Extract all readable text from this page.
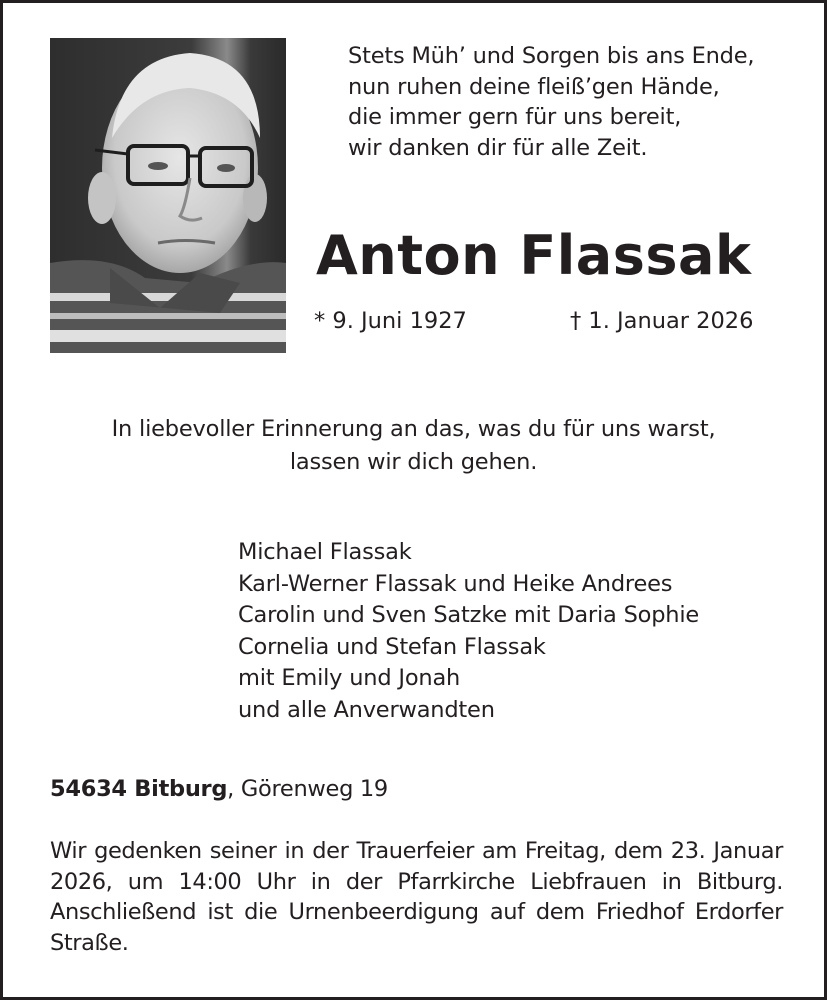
Stets Müh’ und Sorgen bis ans Ende,
nun ruhen deine fleiß’gen Hände,
die immer gern für uns bereit,
wir danken dir für alle Zeit.
Anton Flassak
* 9. Juni 1927	† 1. Januar 2026
In liebevoller Erinnerung an das, was du für uns warst,
lassen wir dich gehen.
Michael Flassak
Karl-Werner Flassak und Heike Andrees
Carolin und Sven Satzke mit Daria Sophie
Cornelia und Stefan Flassak
mit Emily und Jonah
und alle Anverwandten
54634 Bitburg, Görenweg 19
Wir gedenken seiner in der Trauerfeier am Freitag, dem 23. Januar 2026, um 14:00 Uhr in der Pfarrkirche Liebfrauen in Bitburg. Anschließend ist die Urnenbeerdigung auf dem Friedhof Erdorfer Straße.
